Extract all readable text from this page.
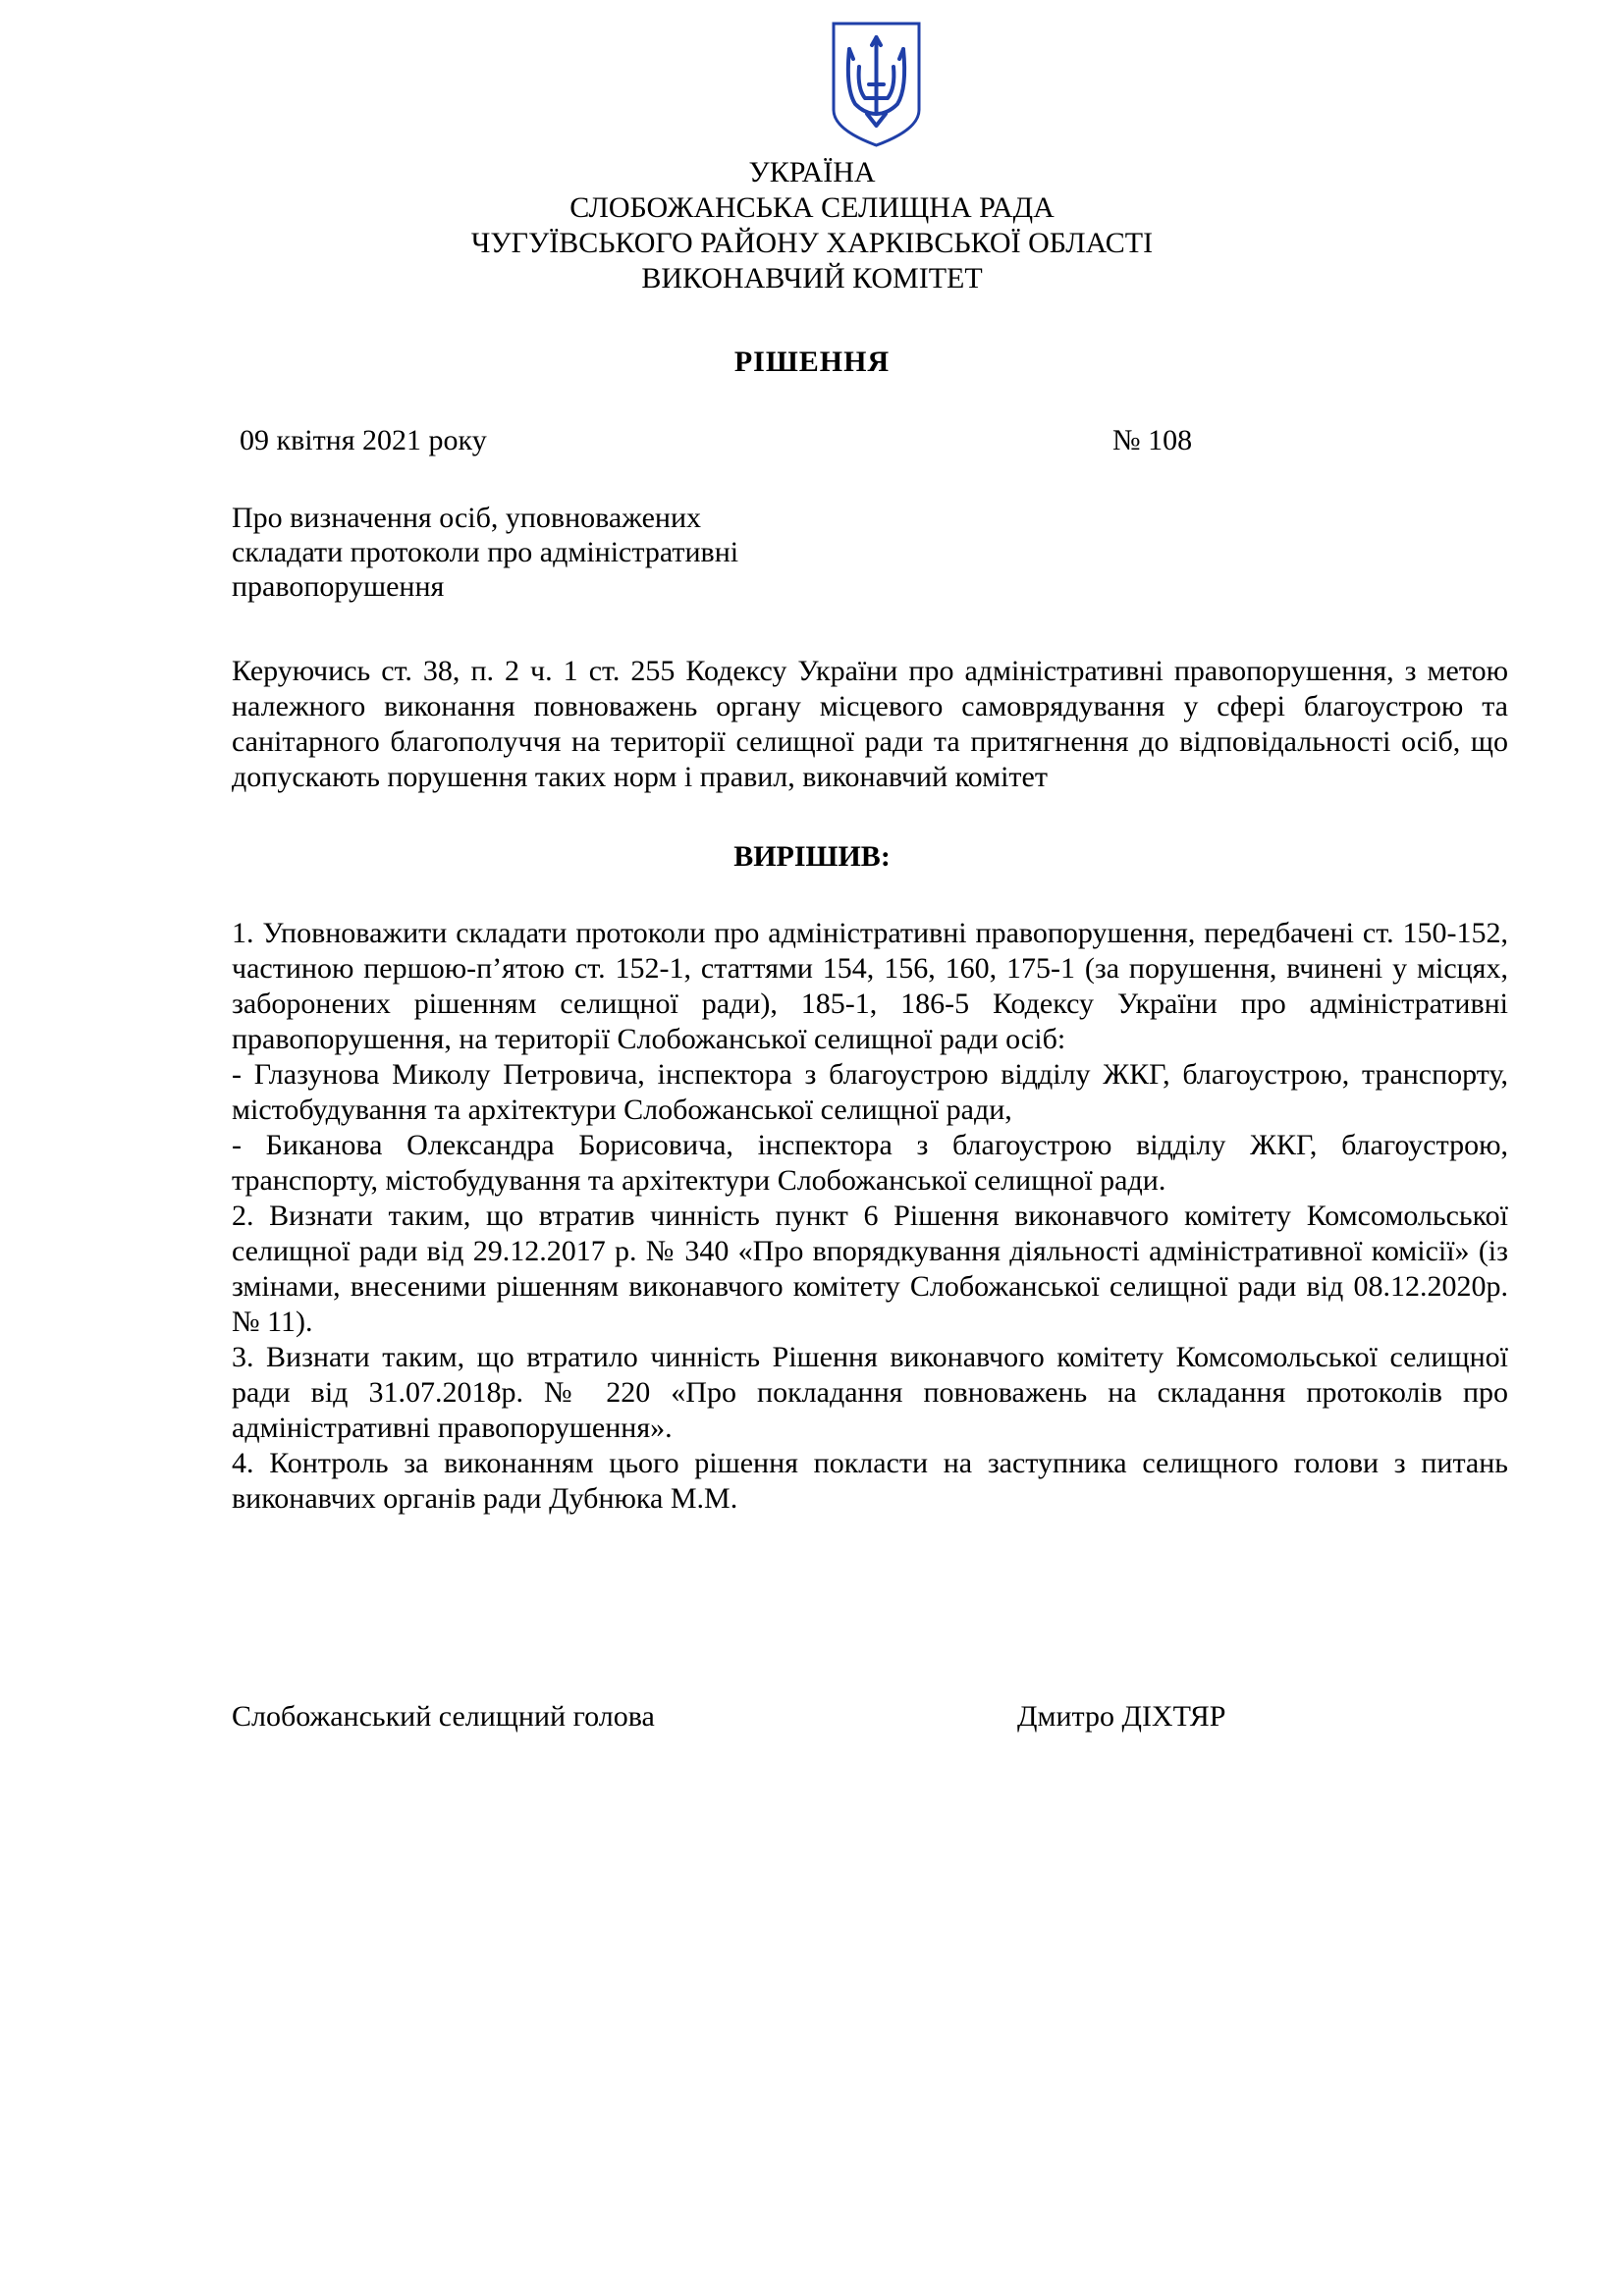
УКРАЇНА
СЛОБОЖАНСЬКА СЕЛИЩНА РАДА
ЧУГУЇВСЬКОГО РАЙОНУ ХАРКІВСЬКОЇ ОБЛАСТІ
ВИКОНАВЧИЙ КОМІТЕТ
РІШЕННЯ
09 квітня 2021 року	№ 108
Про визначення осіб, уповноважених
складати протоколи про адміністративні
правопорушення
Керуючись ст. 38, п. 2 ч. 1 ст. 255 Кодексу України про адміністративні правопорушення, з метою належного виконання повноважень органу місцевого самоврядування у сфері благоустрою та санітарного благополуччя на території селищної ради та притягнення до відповідальності осіб, що допускають порушення таких норм і правил, виконавчий комітет
ВИРІШИВ:

1. Уповноважити складати протоколи про адміністративні правопорушення, передбачені ст. 150-152, частиною першою-п’ятою ст. 152-1, статтями 154, 156, 160, 175-1 (за порушення, вчинені у місцях, заборонених рішенням селищної ради), 185-1, 186-5 Кодексу України про адміністративні правопорушення, на території Слобожанської селищної ради осіб:

- Глазунова Миколу Петровича, інспектора з благоустрою відділу ЖКГ, благоустрою, транспорту, містобудування та архітектури Слобожанської селищної ради,

- Биканова Олександра Борисовича, інспектора з благоустрою відділу ЖКГ, благоустрою, транспорту, містобудування та архітектури Слобожанської селищної ради.

2. Визнати таким, що втратив чинність пункт 6 Рішення виконавчого комітету Комсомольської селищної ради від 29.12.2017 р. № 340 «Про впорядкування діяльності адміністративної комісії» (із змінами, внесеними рішенням виконавчого комітету Слобожанської селищної ради від 08.12.2020р. № 11).

3. Визнати таким, що втратило чинність Рішення виконавчого комітету Комсомольської селищної ради від 31.07.2018р. № 220 «Про покладання повноважень на складання протоколів про адміністративні правопорушення».

4. Контроль за виконанням цього рішення покласти на заступника селищного голови з питань виконавчих органів ради Дубнюка М.М.

Слобожанський селищний голова	Дмитро ДІХТЯР
